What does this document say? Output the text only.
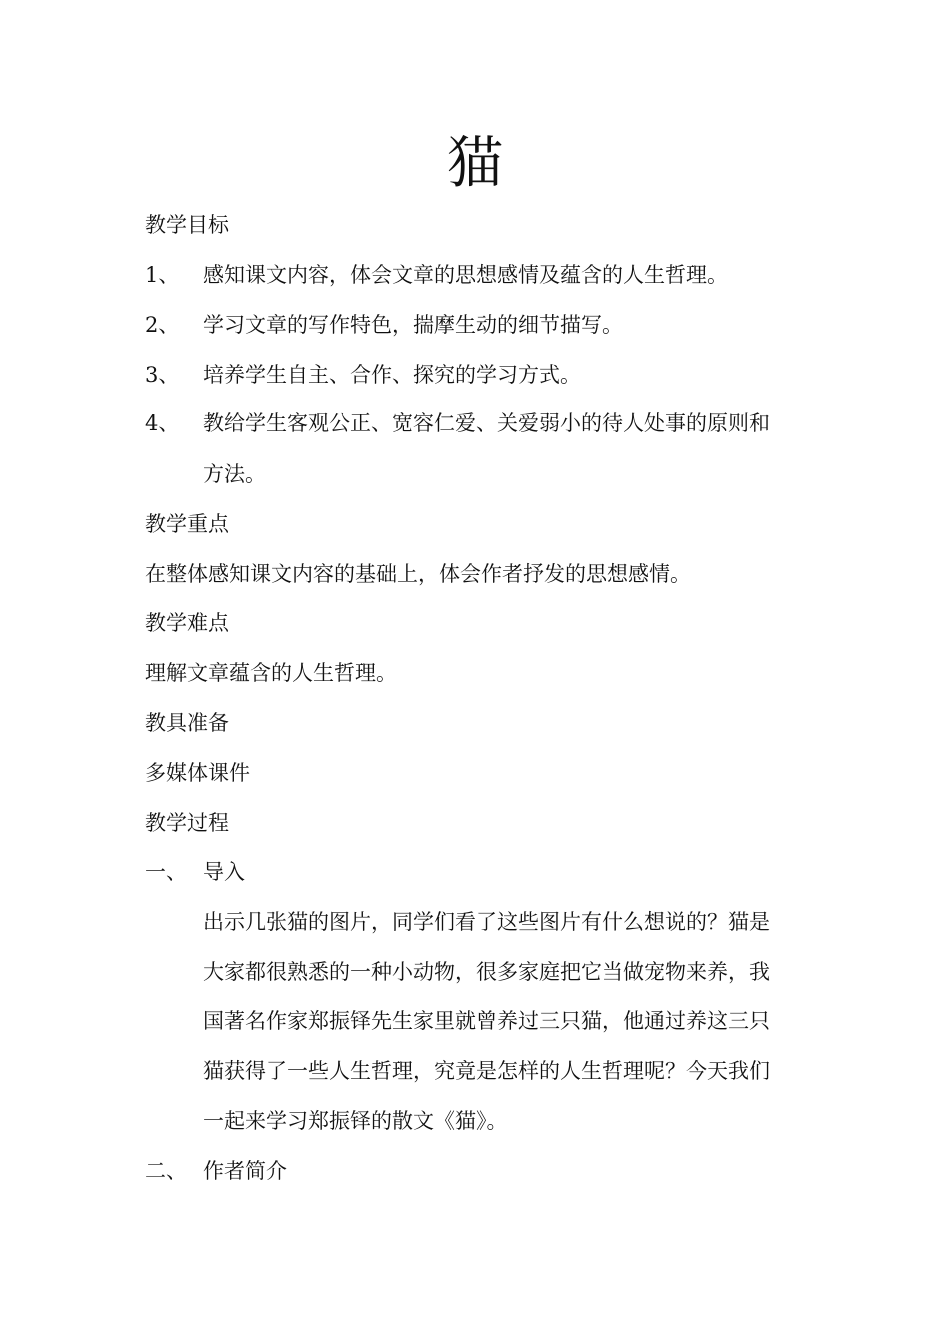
猫
教学目标
1、 感知课文内容，体会文章的思想感情及蕴含的人生哲理。
2、 学习文章的写作特色，揣摩生动的细节描写。
3、 培养学生自主、合作、探究的学习方式。
4、 教给学生客观公正、宽容仁爱、关爱弱小的待人处事的原则和
方法。
教学重点
在整体感知课文内容的基础上，体会作者抒发的思想感情。
教学难点
理解文章蕴含的人生哲理。
教具准备
多媒体课件
教学过程
一、 导入
出示几张猫的图片，同学们看了这些图片有什么想说的？猫是
大家都很熟悉的一种小动物，很多家庭把它当做宠物来养，我
国著名作家郑振铎先生家里就曾养过三只猫，他通过养这三只
猫获得了一些人生哲理，究竟是怎样的人生哲理呢？今天我们
一起来学习郑振铎的散文《猫》。
二、 作者简介
